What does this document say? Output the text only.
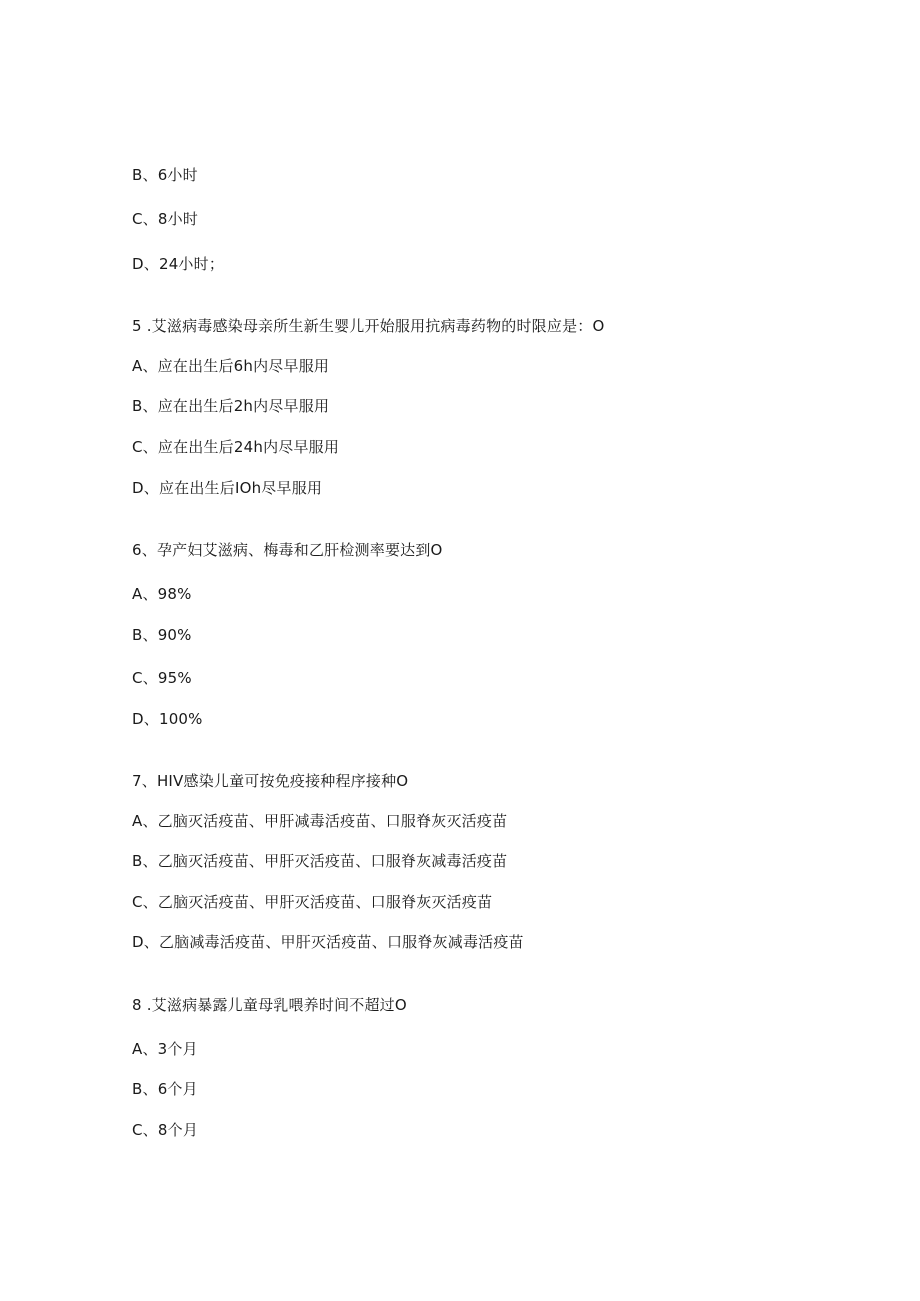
B、6小时
C、8小时
D、24小时；
5 .艾滋病毒感染母亲所生新生婴儿开始服用抗病毒药物的时限应是：O
A、应在出生后6h内尽早服用
B、应在出生后2h内尽早服用
C、应在出生后24h内尽早服用
D、应在出生后IOh尽早服用
6、孕产妇艾滋病、梅毒和乙肝检测率要达到O
A、98%
B、90%
C、95%
D、100%
7、HIV感染儿童可按免疫接种程序接种O
A、乙脑灭活疫苗、甲肝减毒活疫苗、口服脊灰灭活疫苗
B、乙脑灭活疫苗、甲肝灭活疫苗、口服脊灰减毒活疫苗
C、乙脑灭活疫苗、甲肝灭活疫苗、口服脊灰灭活疫苗
D、乙脑减毒活疫苗、甲肝灭活疫苗、口服脊灰减毒活疫苗
8 .艾滋病暴露儿童母乳喂养时间不超过O
A、3个月
B、6个月
C、8个月
